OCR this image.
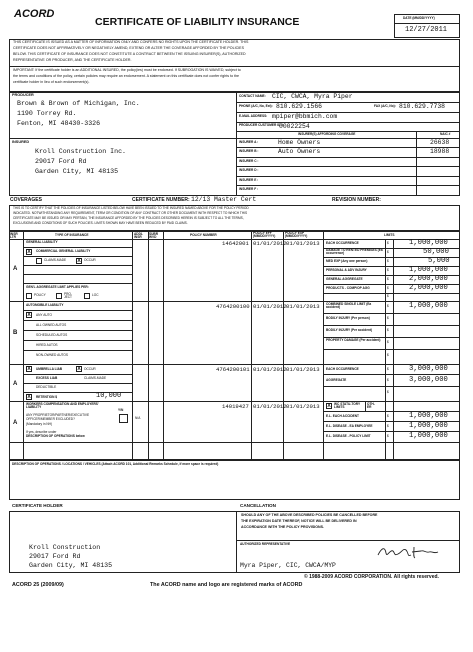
ACORD
CERTIFICATE OF LIABILITY INSURANCE	DATE (MM/DD/YYYY)
12/27/2011
THIS CERTIFICATE IS ISSUED AS A MATTER OF INFORMATION ONLY AND CONFERS NO RIGHTS UPON THE CERTIFICATE HOLDER. THIS
CERTIFICATE DOES NOT AFFIRMATIVELY OR NEGATIVELY AMEND, EXTEND OR ALTER THE COVERAGE AFFORDED BY THE POLICIES
BELOW. THIS CERTIFICATE OF INSURANCE DOES NOT CONSTITUTE A CONTRACT BETWEEN THE ISSUING INSURER(S), AUTHORIZED
REPRESENTATIVE OR PRODUCER, AND THE CERTIFICATE HOLDER.
IMPORTANT: If the certificate holder is an ADDITIONAL INSURED, the policy(ies) must be endorsed. If SUBROGATION IS WAIVED, subject to
the terms and conditions of the policy, certain policies may require an endorsement. A statement on this certificate does not confer rights to the
certificate holder in lieu of such endorsement(s).
PRODUCER
Brown & Brown of Michigan, Inc.
1190 Torrey Rd.
Fenton, MI 48430-3326
CONTACT NAME: CIC, CWCA, Myra Piper
PHONE (A/C, No, Ext): 810.629.1566	FAX (A/C, No): 810.629.7738
E-MAIL ADDRESS: mpiper@bbmich.com
PRODUCER CUSTOMER ID #:
00022254
INSURER(S) AFFORDING COVERAGE	NAIC #
INSURER A :	Home Owners	26638
INSURER B :	Auto Owners	18988
INSURER C :
INSURER D :
INSURER E :
INSURER F :
INSURED
Kroll Construction Inc.
29017 Ford Rd
Garden City, MI 48135
COVERAGES	CERTIFICATE NUMBER: 12/13 Master Cert	REVISION NUMBER:
THIS IS TO CERTIFY THAT THE POLICIES OF INSURANCE LISTED BELOW HAVE BEEN ISSUED TO THE INSURED NAMED ABOVE FOR THE POLICY PERIOD
INDICATED. NOTWITHSTANDING ANY REQUIREMENT, TERM OR CONDITION OF ANY CONTRACT OR OTHER DOCUMENT WITH RESPECT TO WHICH THIS
CERTIFICATE MAY BE ISSUED OR MAY PERTAIN, THE INSURANCE AFFORDED BY THE POLICIES DESCRIBED HEREIN IS SUBJECT TO ALL THE TERMS,
EXCLUSIONS AND CONDITIONS OF SUCH POLICIES. LIMITS SHOWN MAY HAVE BEEN REDUCED BY PAID CLAIMS.
INSR LTR
TYPE OF INSURANCE	ADDL INSR
SUBR WVD
POLICY NUMBER	POLICY EFF (MM/DD/YYYY)
POLICY EXP (MM/DD/YYYY)	LIMITS
A
GENERAL LIABILITY
X	COMMERCIAL GENERAL LIABILITY
CLAIMS-MADE X	OCCUR
GEN'L AGGREGATE LIMIT APPLIES PER:
POLICY	PRO-JECT
LOC
14642001 01/01/2012 01/01/2013 EACH OCCURRENCE	$	1,000,000
DAMAGE TO RENTED PREMISES (Ea occurrence)	$	50,000
MED EXP (Any one person)	$	5,000
PERSONAL & ADV INJURY	$	1,000,000
GENERAL AGGREGATE	$	2,000,000
PRODUCTS - COMP/OP AGG	$	2,000,000
$
B
AUTOMOBILE LIABILITY
X	ANY AUTO
ALL OWNED AUTOS
SCHEDULED AUTOS
HIRED AUTOS
NON-OWNED AUTOS
4764200100 01/01/2012 01/01/2013 COMBINED SINGLE LIMIT (Ea accident)	$	1,000,000
BODILY INJURY (Per person)	$
BODILY INJURY (Per accident)	$
PROPERTY DAMAGE (Per accident)	$
$
A
X	UMBRELLA LIAB	X	OCCUR
EXCESS LIAB	CLAIMS-MADE
DEDUCTIBLE
X	RETENTION $	10,000
4764200101 01/01/2012 01/01/2013 EACH OCCURRENCE	$	3,000,000
AGGREGATE	$	3,000,000
$
A
WORKERS COMPENSATION AND EMPLOYERS' LIABILITY
Y/N
ANY PROPRIETOR/PARTNER/EXECUTIVE
OFFICER/MEMBER EXCLUDED?	N/A
(Mandatory in NH)
If yes, describe under
DESCRIPTION OF OPERATIONS below
14019427 01/01/2012 01/01/2013 X	WC STATU-TORY LIMITS
OTH-ER
E.L. EACH ACCIDENT	$	1,000,000
E.L. DISEASE - EA EMPLOYEE	$	1,000,000
E.L. DISEASE - POLICY LIMIT	$	1,000,000
DESCRIPTION OF OPERATIONS / LOCATIONS / VEHICLES (Attach ACORD 101, Additional Remarks Schedule, if more space is required)
CERTIFICATE HOLDER	CANCELLATION
Kroll Construction
29017 Ford Rd
Garden City, MI 48135
SHOULD ANY OF THE ABOVE DESCRIBED POLICIES BE CANCELLED BEFORE
THE EXPIRATION DATE THEREOF, NOTICE WILL BE DELIVERED IN
ACCORDANCE WITH THE POLICY PROVISIONS.
AUTHORIZED REPRESENTATIVE
Myra Piper, CIC, CWCA/MYP
© 1988-2009 ACORD CORPORATION. All rights reserved.
ACORD 25 (2009/09)	The ACORD name and logo are registered marks of ACORD
